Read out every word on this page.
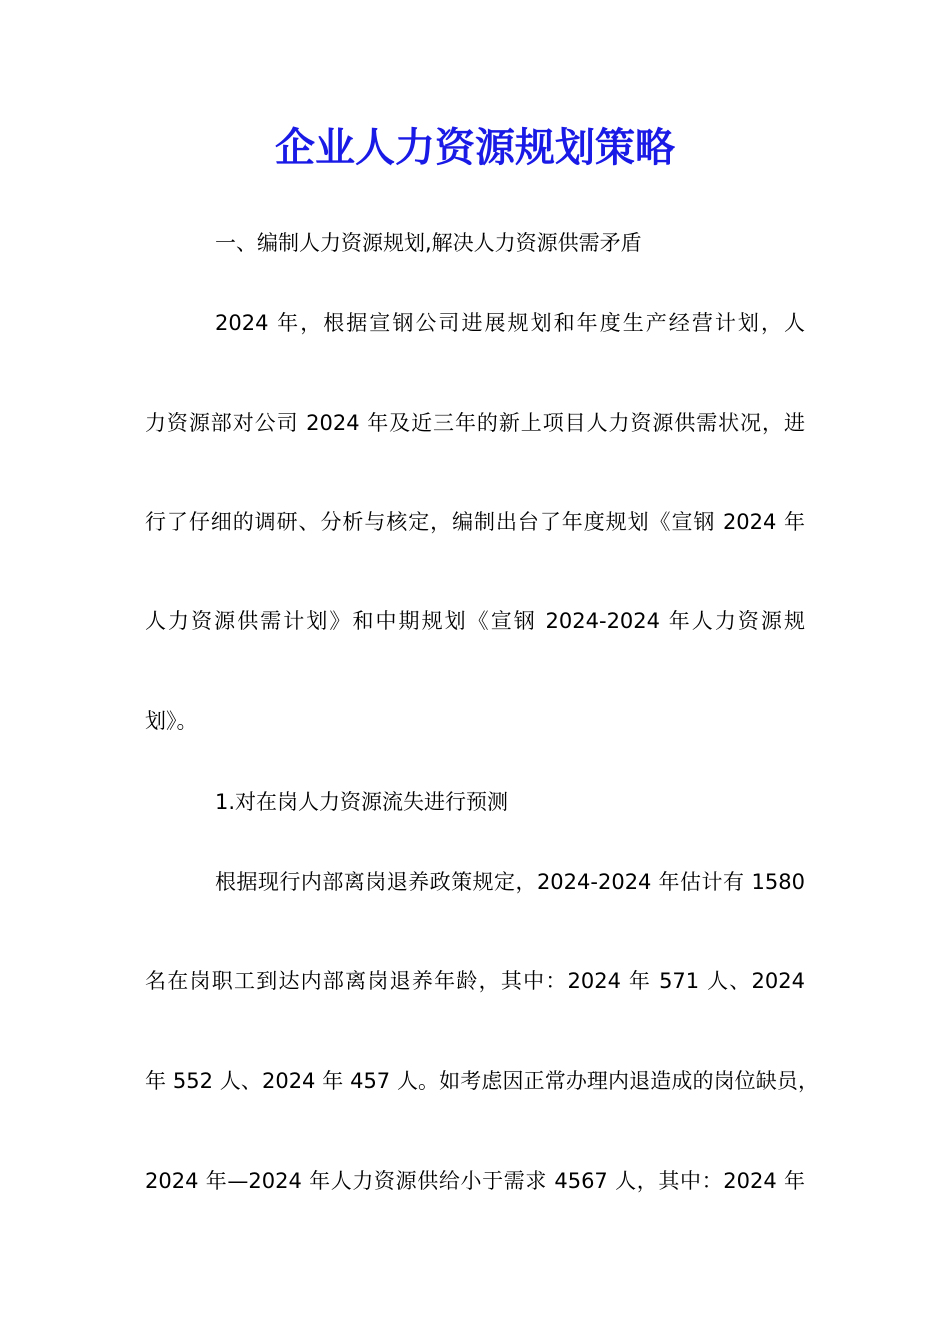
企业人力资源规划策略
一、编制人力资源规划,解决人力资源供需矛盾
2024 年，根据宣钢公司进展规划和年度生产经营计划，人
力资源部对公司 2024 年及近三年的新上项目人力资源供需状况，进
行了仔细的调研、分析与核定，编制出台了年度规划《宣钢 2024 年
人力资源供需计划》和中期规划《宣钢 2024-2024 年人力资源规
划》。
1.对在岗人力资源流失进行预测
根据现行内部离岗退养政策规定，2024-2024 年估计有 1580
名在岗职工到达内部离岗退养年龄，其中：2024 年 571 人、2024
年 552 人、2024 年 457 人。如考虑因正常办理内退造成的岗位缺员，
2024 年—2024 年人力资源供给小于需求 4567 人，其中：2024 年
